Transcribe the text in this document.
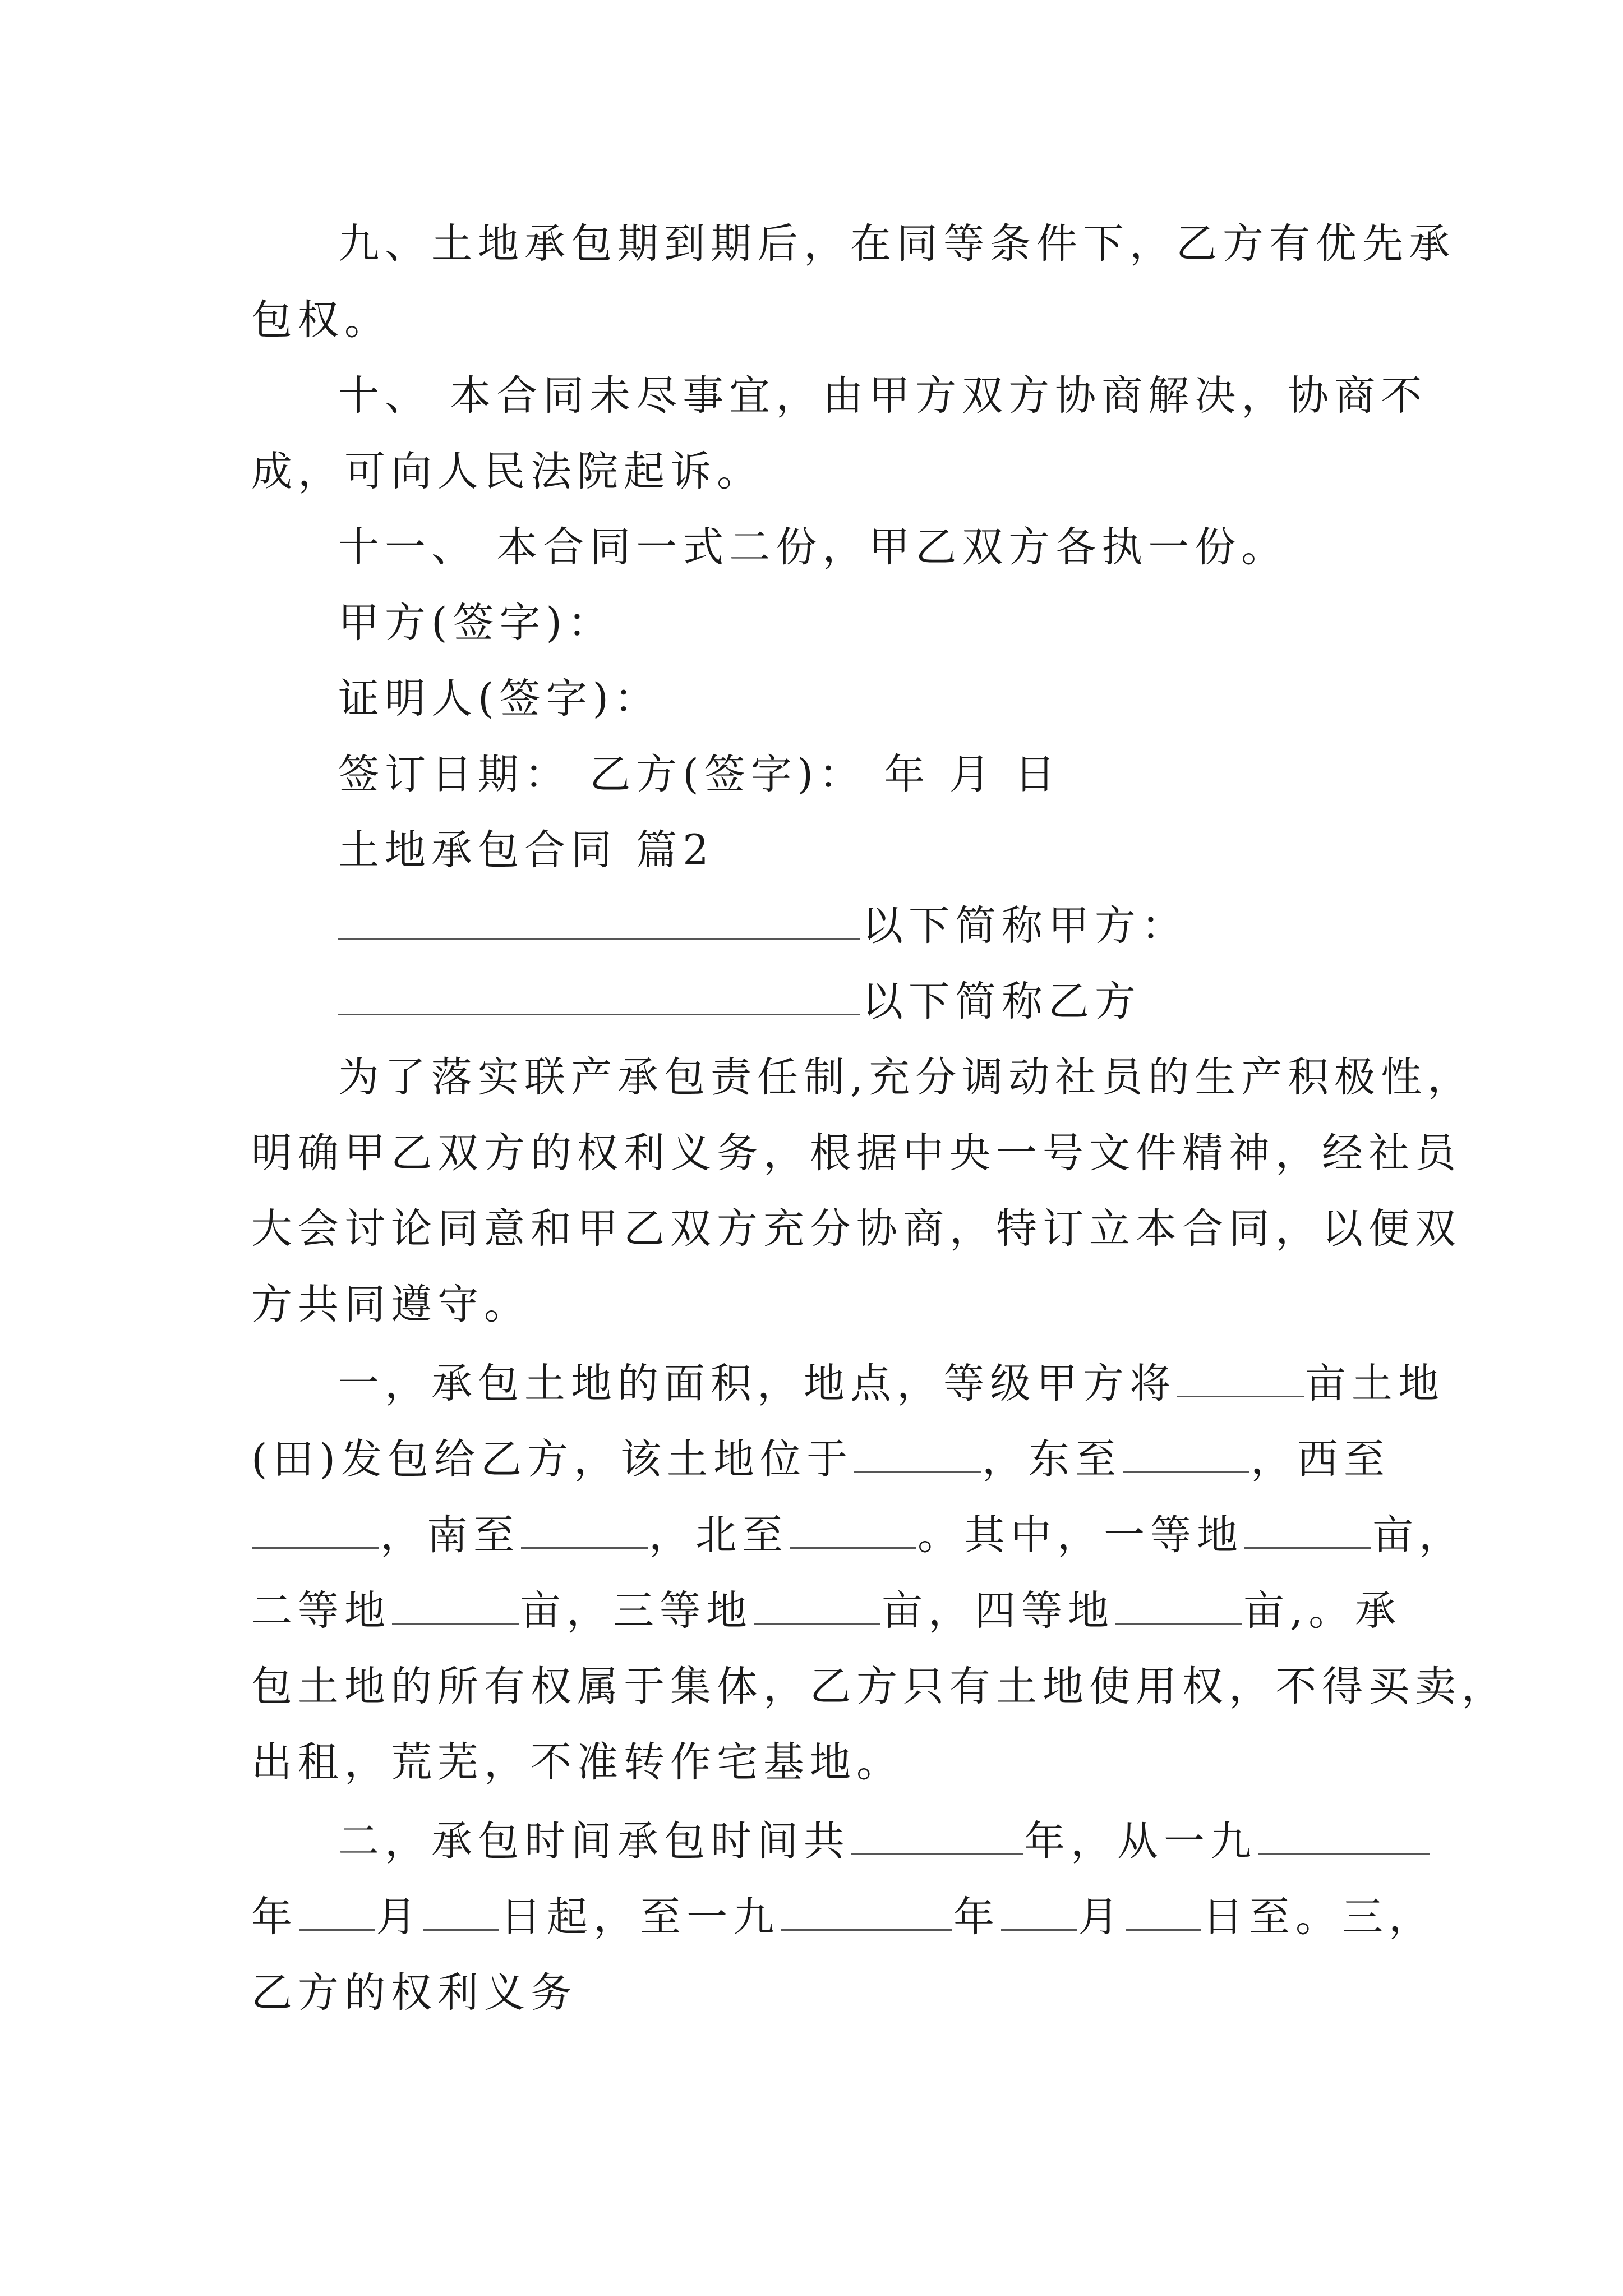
九、土地承包期到期后，在同等条件下，乙方有优先承
包权。
十、 本合同未尽事宜，由甲方双方协商解决，协商不
成，可向人民法院起诉。
十一、 本合同一式二份，甲乙双方各执一份。
甲方(签字)：
证明人(签字)：
签订日期： 乙方(签字)： 年 月 日
土地承包合同 篇2
以下简称甲方：
以下简称乙方
为了落实联产承包责任制,充分调动社员的生产积极性，
明确甲乙双方的权利义务，根据中央一号文件精神，经社员
大会讨论同意和甲乙双方充分协商，特订立本合同，以便双
方共同遵守。
一，承包土地的面积，地点，等级甲方将	亩土地
(田)发包给乙方，该土地位于	，东至	，西至
，南至	，北至	。其中，一等地	亩，
二等地	亩，三等地	亩，四等地	亩,。承
包土地的所有权属于集体，乙方只有土地使用权，不得买卖，
出租，荒芜，不准转作宅基地。
二，承包时间承包时间共	年，从一九
年 月 日起，至一九	年 月 日至。三，
乙方的权利义务
